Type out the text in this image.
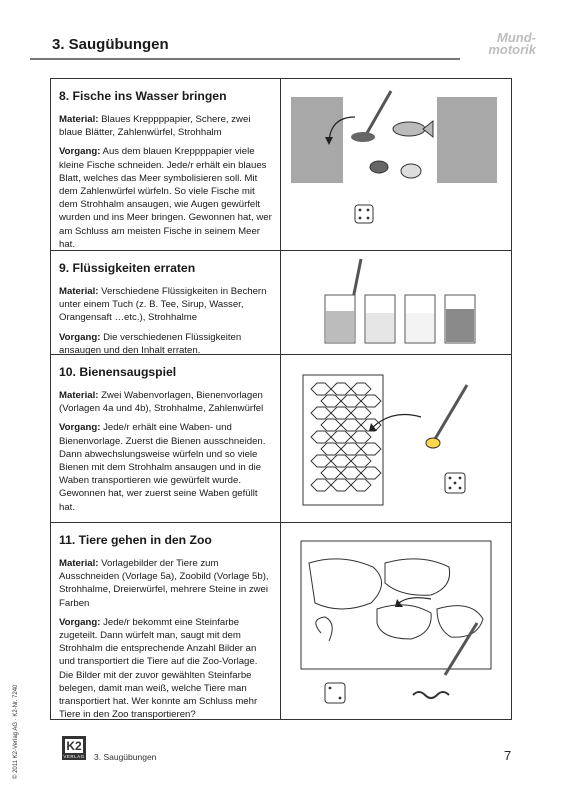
3. Saugübungen	Mund-
motorik
8. Fische ins Wasser bringen

Material: Blaues Kreppppapier, Schere, zwei blaue Blätter, Zahlenwürfel, Strohhalm

Vorgang: Aus dem blauen Kreppppapier viele kleine Fische schneiden. Jede/r erhält ein blaues Blatt, welches das Meer symbolisieren soll. Mit dem Zahlenwürfel würfeln. So viele Fische mit dem Strohhalm ansaugen, wie Augen gewürfelt wurden und ins Meer bringen. Gewonnen hat, wer am Schluss am meisten Fische in seinem Meer hat.

9. Flüssigkeiten erraten

Material: Verschiedene Flüssigkeiten in Bechern unter einem Tuch (z. B. Tee, Sirup, Wasser, Orangensaft …etc.), Strohhalme

Vorgang: Die verschiedenen Flüssigkeiten ansaugen und den Inhalt erraten.

10. Bienensaugspiel

Material: Zwei Wabenvorlagen, Bienenvorlagen (Vorlagen 4a und 4b), Strohhalme, Zahlenwürfel

Vorgang: Jede/r erhält eine Waben- und Bienenvorlage. Zuerst die Bienen ausschneiden. Dann abwechslungsweise würfeln und so viele Bienen mit dem Strohhalm ansaugen und in die Waben transportieren wie gewürfelt wurde. Gewonnen hat, wer zuerst seine Waben gefüllt hat.

11. Tiere gehen in den Zoo

Material: Vorlagebilder der Tiere zum Ausschneiden (Vorlage 5a), Zoobild (Vorlage 5b), Strohhalme, Dreierwürfel, mehrere Steine in zwei Farben

Vorgang: Jede/r bekommt eine Steinfarbe zugeteilt. Dann würfelt man, saugt mit dem Strohhalm die entsprechende Anzahl Bilder an und transportiert die Tiere auf die Zoo-Vorlage. Die Bilder mit der zuvor gewählten Steinfarbe belegen, damit man weiß, welche Tiere man transportiert hat. Wer konnte am Schluss mehr Tiere in den Zoo transportieren?

© 2011 K2-Verlag AG · K2-Nr. 7240	K2
VERLAG 3. Saugübungen	7
